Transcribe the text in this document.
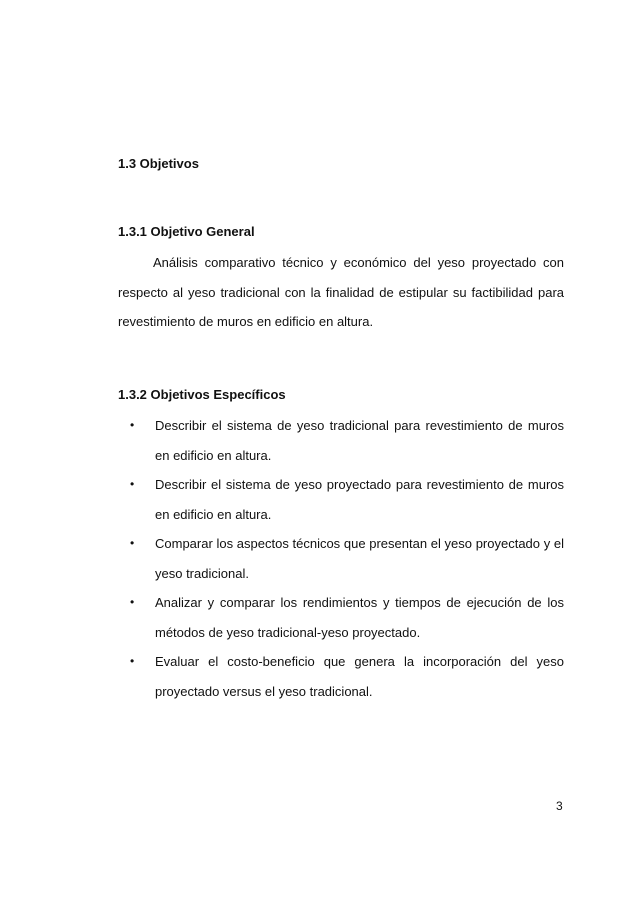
1.3 Objetivos
1.3.1 Objetivo General
Análisis comparativo técnico y económico del yeso proyectado con respecto al yeso tradicional con la finalidad de estipular su factibilidad para revestimiento de muros en edificio en altura.
1.3.2 Objetivos Específicos
• Describir el sistema de yeso tradicional para revestimiento de muros en edificio en altura.
• Describir el sistema de yeso proyectado para revestimiento de muros en edificio en altura.
• Comparar los aspectos técnicos que presentan el yeso proyectado y el yeso tradicional.
• Analizar y comparar los rendimientos y tiempos de ejecución de los métodos de yeso tradicional-yeso proyectado.
• Evaluar el costo-beneficio que genera la incorporación del yeso proyectado versus el yeso tradicional.
3
